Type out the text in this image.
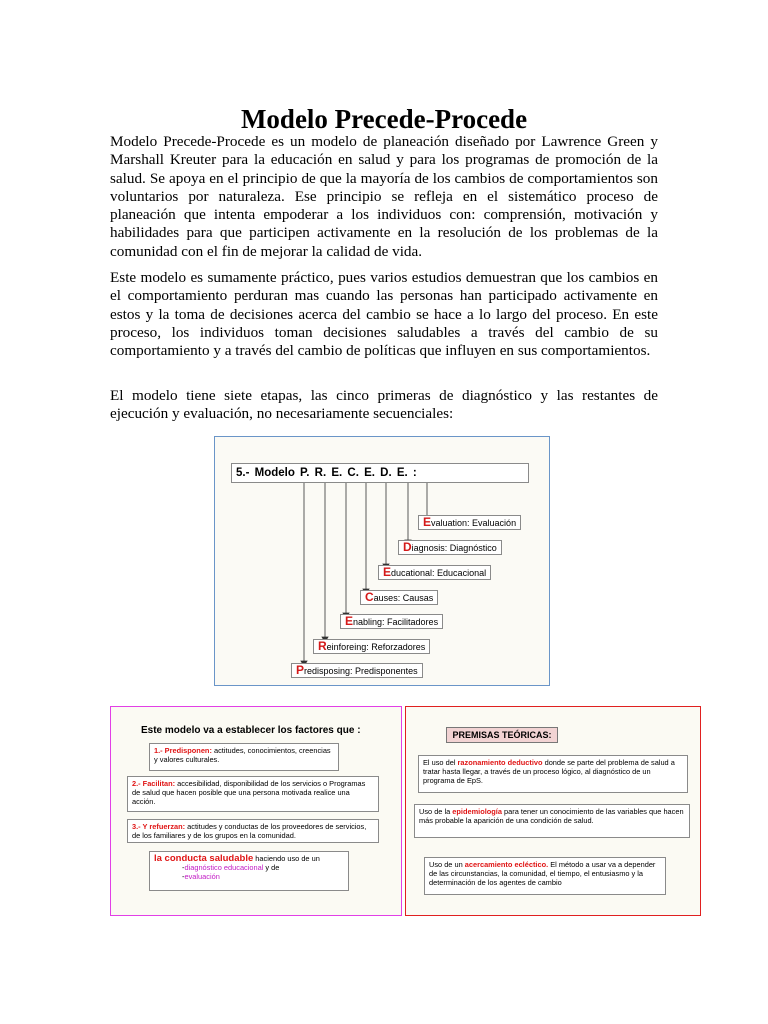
Modelo Precede-Procede

Modelo Precede-Procede es un modelo de planeación diseñado por Lawrence Green y Marshall Kreuter para la educación en salud y para los programas de promoción de la salud. Se apoya en el principio de que la mayoría de los cambios de comportamientos son voluntarios por naturaleza. Ese principio se refleja en el sistemático proceso de planeación que intenta empoderar a los individuos con: comprensión, motivación y habilidades para que participen activamente en la resolución de los problemas de la comunidad con el fin de mejorar la calidad de vida.

Este modelo es sumamente práctico, pues varios estudios demuestran que los cambios en el comportamiento perduran mas cuando las personas han participado activamente en estos y la toma de decisiones acerca del cambio se hace a lo largo del proceso. En este proceso, los individuos toman decisiones saludables a través del cambio de su comportamiento y a través del cambio de políticas que influyen en sus comportamientos.

El modelo tiene siete etapas, las cinco primeras de diagnóstico y las restantes de ejecución y evaluación, no necesariamente secuenciales:

5.- Modelo P. R. E. C. E. D. E. :
Evaluation: Evaluación
Diagnosis: Diagnóstico
Educational: Educacional
Causes: Causas
Enabling: Facilitadores
Reinforeing: Reforzadores
Predisposing: Predisponentes
Este modelo va a establecer los factores que :
1.- Predisponen: actitudes, conocimientos, creencias y valores culturales.
2.- Facilitan: accesibilidad, disponibilidad de los servicios o Programas de salud que hacen posible que una persona motivada realice una acción.
3.- Y refuerzan: actitudes y conductas de los proveedores de servicios, de los familiares y de los grupos en la comunidad.
la conducta saludable haciendo uso de un
-diagnóstico educacional y de
-evaluación
PREMISAS TEÓRICAS:
El uso del razonamiento deductivo donde se parte del problema de salud a tratar hasta llegar, a través de un proceso lógico, al diagnóstico de un programa de EpS.
Uso de la epidemiología para tener un conocimiento de las variables que hacen más probable la aparición de una condición de salud.
Uso de un acercamiento ecléctico. El método a usar va a depender de las circunstancias, la comunidad, el tiempo, el entusiasmo y la determinación de los agentes de cambio
